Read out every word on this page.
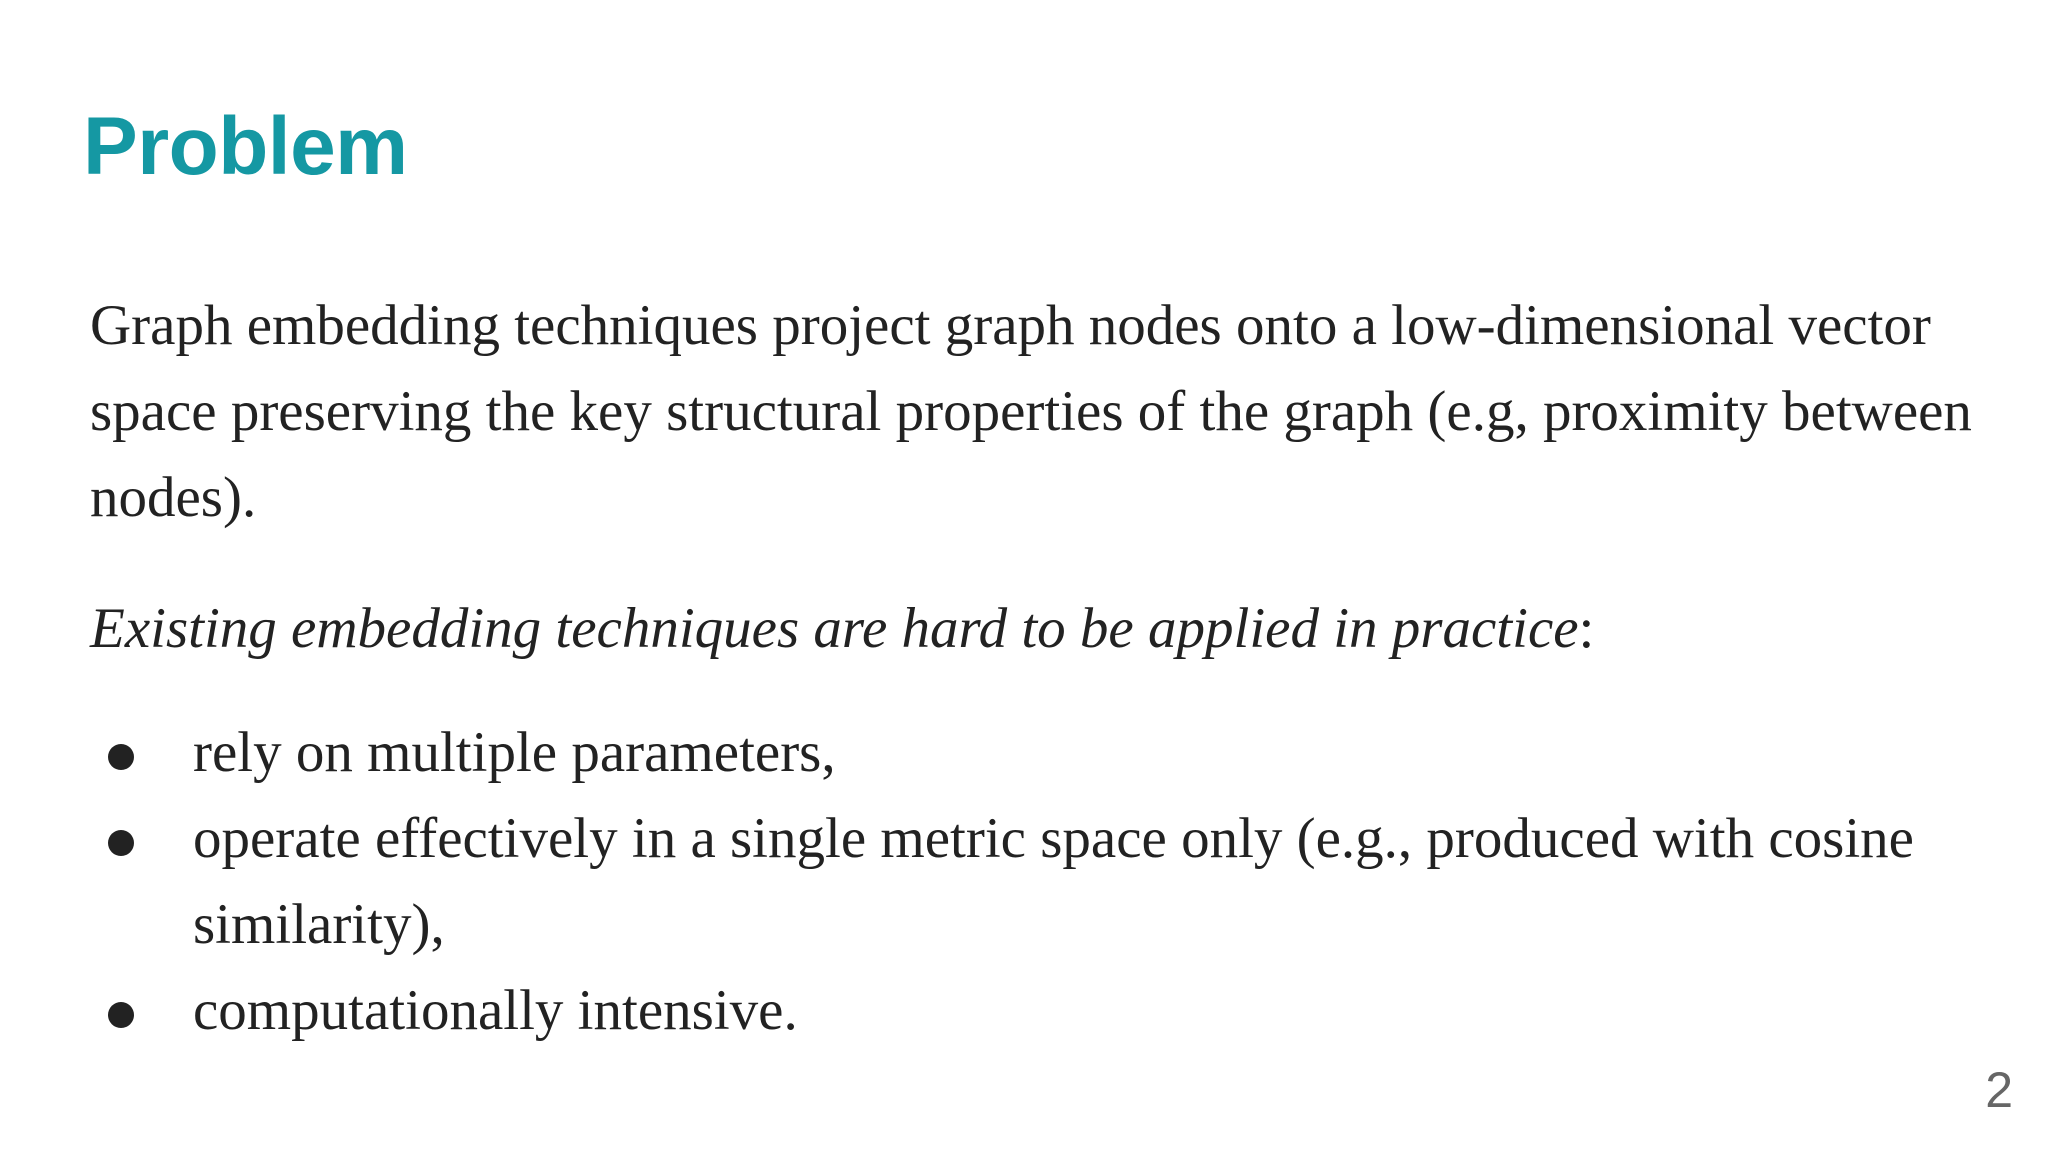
Problem

Graph embedding techniques project graph nodes onto a low-dimensional vector space preserving the key structural properties of the graph (e.g, proximity between nodes).

Existing embedding techniques are hard to be applied in practice:

rely on multiple parameters,
operate effectively in a single metric space only (e.g., produced with cosine similarity),
computationally intensive.
2
